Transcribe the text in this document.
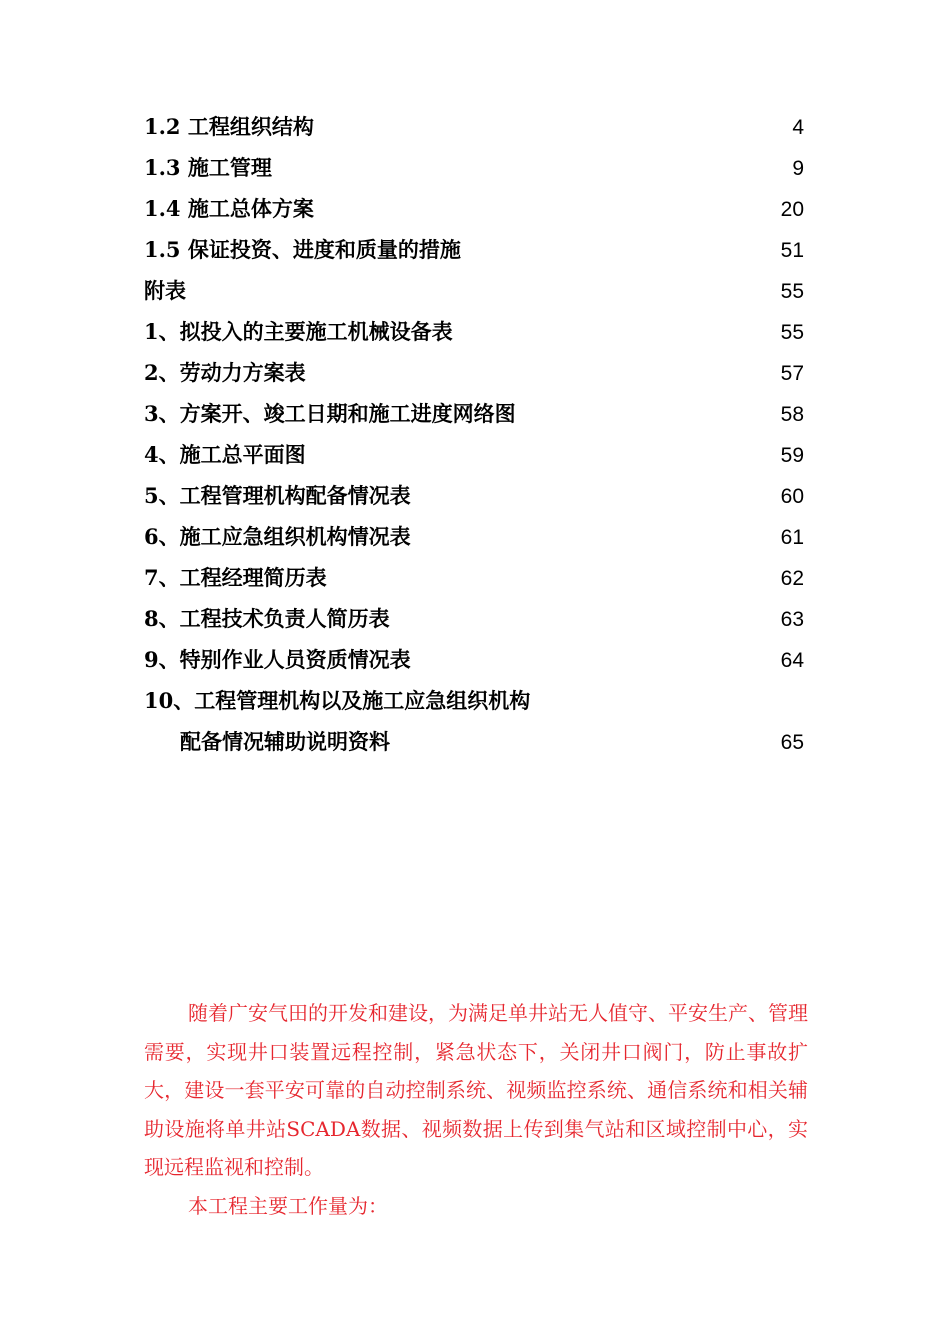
1.2 工程组织结构	4
1.3 施工管理	9
1.4 施工总体方案	20
1.5 保证投资、进度和质量的措施	51
附表	55
1、拟投入的主要施工机械设备表	55
2、劳动力方案表	57
3、方案开、竣工日期和施工进度网络图	58
4、施工总平面图	59
5、工程管理机构配备情况表	60
6、施工应急组织机构情况表	61
7、工程经理简历表	62
8、工程技术负责人简历表	63
9、特别作业人员资质情况表	64
10、工程管理机构以及施工应急组织机构
配备情况辅助说明资料	65

随着广安气田的开发和建设，为满足单井站无人值守、平安生产、管理需要，实现井口装置远程控制，紧急状态下，关闭井口阀门，防止事故扩大，建设一套平安可靠的自动控制系统、视频监控系统、通信系统和相关辅助设施将单井站SCADA数据、视频数据上传到集气站和区域控制中心，实现远程监视和控制。

本工程主要工作量为：
